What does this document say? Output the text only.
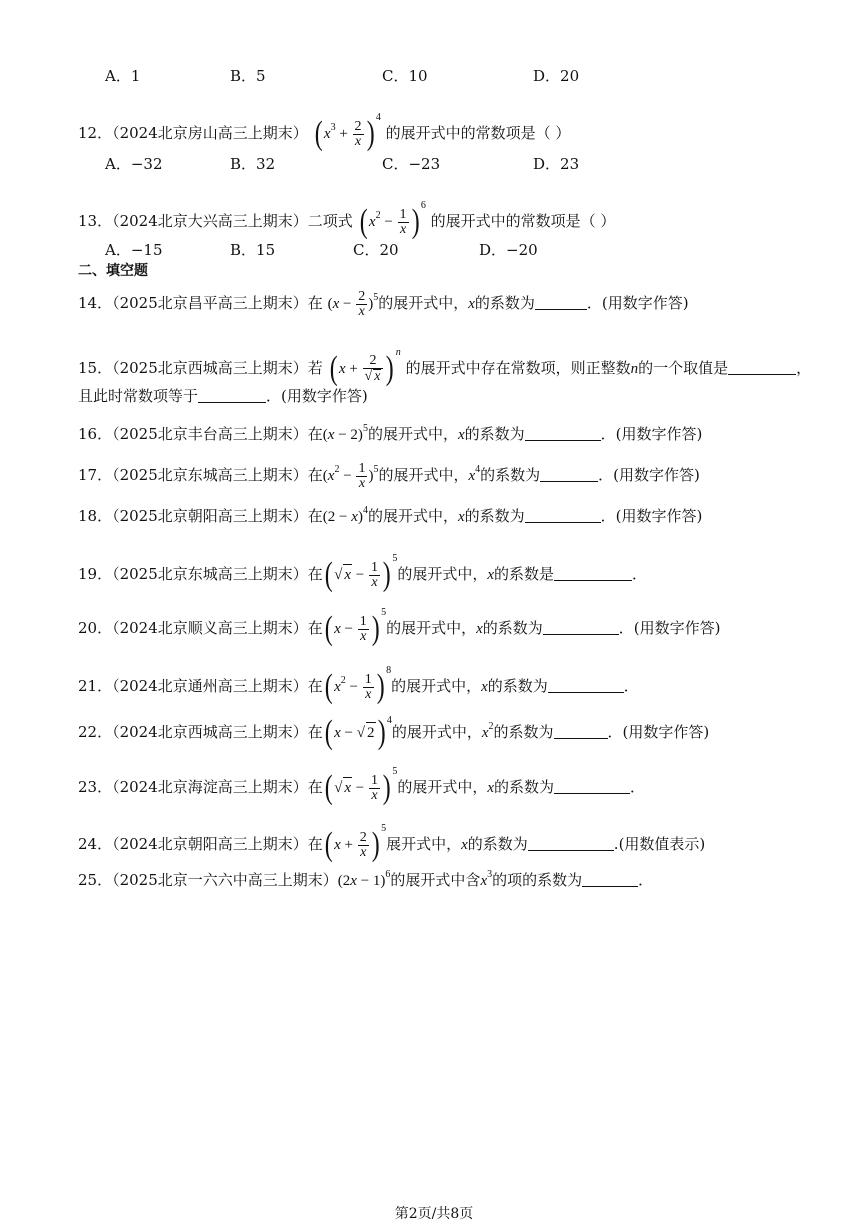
A．1	B．5	C．10	D．20
12．（2024北京房山高三上期末） ( $x^3 + \frac{2}{x}$ ) $^4$ 的展开式中的常数项是（ ）
A．−32	B．32	C．−23	D．23
13．（2024北京大兴高三上期末）二项式 ( $x^2 - \frac{1}{x}$ ) $^6$ 的展开式中的常数项是（ ）
A．−15	B．15	C．20	D．−20
二、填空题
14．（2025北京昌平高三上期末）在 $(x - \frac{2}{x} )^5$的展开式中，x的系数为	．(用数字作答)
15．（2025北京西城高三上期末）若 ( $x + \frac{2}{√ x}$ ) $^n$ 的展开式中存在常数项，则正整数n的一个取值是	，
且此时常数项等于	．(用数字作答)
16．（2025北京丰台高三上期末）在$(x - 2)^5$的展开式中，x的系数为	．(用数字作答)
17．（2025北京东城高三上期末）在$(x^2 - \frac{1}{x} )^5$的展开式中，$x^4$的系数为	．(用数字作答)
18．（2025北京朝阳高三上期末）在$(2 - x)^4$的展开式中，x的系数为	．(用数字作答)
19．（2025北京东城高三上期末）在( √ $x - \frac{1}{x}$ ) $^5$的展开式中，x的系数是	．
20．（2024北京顺义高三上期末）在( $x - \frac{1}{x}$ ) $^5$的展开式中，x的系数为	．(用数字作答)
21．（2024北京通州高三上期末）在( $x^2 - \frac{1}{x}$ ) $^8$的展开式中，x的系数为	．
22．（2024北京西城高三上期末）在( x − √ 2) $^4$的展开式中，$x^2$的系数为	．(用数字作答)
23．（2024北京海淀高三上期末）在( √ $x - \frac{1}{x}$ ) $^5$的展开式中，x的系数为	．
24．（2024北京朝阳高三上期末）在( $x + \frac{2}{x}$ ) $^5$展开式中，x的系数为	.(用数值表示)
25．（2025北京一六六中高三上期末）$(2x - 1)^6$的展开式中含$x^3$的项的系数为	．
第2页/共8页
